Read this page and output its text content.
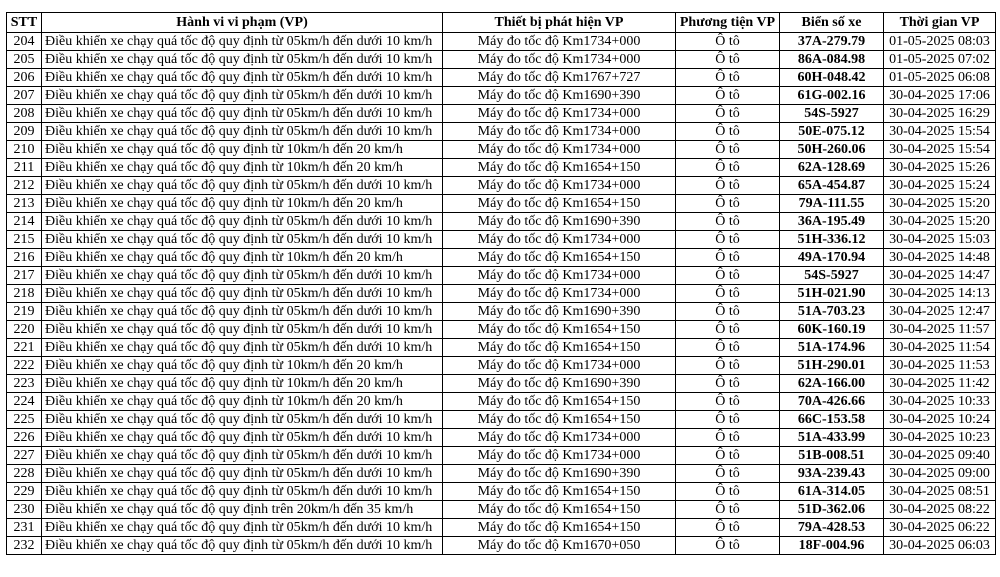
STT	Hành vi vi phạm (VP)	Thiết bị phát hiện VP	Phương tiện VP	Biển số xe	Thời gian VP
204	Điều khiển xe chạy quá tốc độ quy định từ 05km/h đến dưới 10 km/h	Máy đo tốc độ Km1734+000	Ô tô	37A-279.79	01-05-2025 08:03
205	Điều khiển xe chạy quá tốc độ quy định từ 05km/h đến dưới 10 km/h	Máy đo tốc độ Km1734+000	Ô tô	86A-084.98	01-05-2025 07:02
206	Điều khiển xe chạy quá tốc độ quy định từ 05km/h đến dưới 10 km/h	Máy đo tốc độ Km1767+727	Ô tô	60H-048.42	01-05-2025 06:08
207	Điều khiển xe chạy quá tốc độ quy định từ 05km/h đến dưới 10 km/h	Máy đo tốc độ Km1690+390	Ô tô	61G-002.16	30-04-2025 17:06
208	Điều khiển xe chạy quá tốc độ quy định từ 05km/h đến dưới 10 km/h	Máy đo tốc độ Km1734+000	Ô tô	54S-5927	30-04-2025 16:29
209	Điều khiển xe chạy quá tốc độ quy định từ 05km/h đến dưới 10 km/h	Máy đo tốc độ Km1734+000	Ô tô	50E-075.12	30-04-2025 15:54
210	Điều khiển xe chạy quá tốc độ quy định từ 10km/h đến 20 km/h	Máy đo tốc độ Km1734+000	Ô tô	50H-260.06	30-04-2025 15:54
211	Điều khiển xe chạy quá tốc độ quy định từ 10km/h đến 20 km/h	Máy đo tốc độ Km1654+150	Ô tô	62A-128.69	30-04-2025 15:26
212	Điều khiển xe chạy quá tốc độ quy định từ 05km/h đến dưới 10 km/h	Máy đo tốc độ Km1734+000	Ô tô	65A-454.87	30-04-2025 15:24
213	Điều khiển xe chạy quá tốc độ quy định từ 10km/h đến 20 km/h	Máy đo tốc độ Km1654+150	Ô tô	79A-111.55	30-04-2025 15:20
214	Điều khiển xe chạy quá tốc độ quy định từ 05km/h đến dưới 10 km/h	Máy đo tốc độ Km1690+390	Ô tô	36A-195.49	30-04-2025 15:20
215	Điều khiển xe chạy quá tốc độ quy định từ 05km/h đến dưới 10 km/h	Máy đo tốc độ Km1734+000	Ô tô	51H-336.12	30-04-2025 15:03
216	Điều khiển xe chạy quá tốc độ quy định từ 10km/h đến 20 km/h	Máy đo tốc độ Km1654+150	Ô tô	49A-170.94	30-04-2025 14:48
217	Điều khiển xe chạy quá tốc độ quy định từ 05km/h đến dưới 10 km/h	Máy đo tốc độ Km1734+000	Ô tô	54S-5927	30-04-2025 14:47
218	Điều khiển xe chạy quá tốc độ quy định từ 05km/h đến dưới 10 km/h	Máy đo tốc độ Km1734+000	Ô tô	51H-021.90	30-04-2025 14:13
219	Điều khiển xe chạy quá tốc độ quy định từ 05km/h đến dưới 10 km/h	Máy đo tốc độ Km1690+390	Ô tô	51A-703.23	30-04-2025 12:47
220	Điều khiển xe chạy quá tốc độ quy định từ 05km/h đến dưới 10 km/h	Máy đo tốc độ Km1654+150	Ô tô	60K-160.19	30-04-2025 11:57
221	Điều khiển xe chạy quá tốc độ quy định từ 05km/h đến dưới 10 km/h	Máy đo tốc độ Km1654+150	Ô tô	51A-174.96	30-04-2025 11:54
222	Điều khiển xe chạy quá tốc độ quy định từ 10km/h đến 20 km/h	Máy đo tốc độ Km1734+000	Ô tô	51H-290.01	30-04-2025 11:53
223	Điều khiển xe chạy quá tốc độ quy định từ 10km/h đến 20 km/h	Máy đo tốc độ Km1690+390	Ô tô	62A-166.00	30-04-2025 11:42
224	Điều khiển xe chạy quá tốc độ quy định từ 10km/h đến 20 km/h	Máy đo tốc độ Km1654+150	Ô tô	70A-426.66	30-04-2025 10:33
225	Điều khiển xe chạy quá tốc độ quy định từ 05km/h đến dưới 10 km/h	Máy đo tốc độ Km1654+150	Ô tô	66C-153.58	30-04-2025 10:24
226	Điều khiển xe chạy quá tốc độ quy định từ 05km/h đến dưới 10 km/h	Máy đo tốc độ Km1734+000	Ô tô	51A-433.99	30-04-2025 10:23
227	Điều khiển xe chạy quá tốc độ quy định từ 05km/h đến dưới 10 km/h	Máy đo tốc độ Km1734+000	Ô tô	51B-008.51	30-04-2025 09:40
228	Điều khiển xe chạy quá tốc độ quy định từ 05km/h đến dưới 10 km/h	Máy đo tốc độ Km1690+390	Ô tô	93A-239.43	30-04-2025 09:00
229	Điều khiển xe chạy quá tốc độ quy định từ 05km/h đến dưới 10 km/h	Máy đo tốc độ Km1654+150	Ô tô	61A-314.05	30-04-2025 08:51
230	Điều khiển xe chạy quá tốc độ quy định trên 20km/h đến 35 km/h	Máy đo tốc độ Km1654+150	Ô tô	51D-362.06	30-04-2025 08:22
231	Điều khiển xe chạy quá tốc độ quy định từ 05km/h đến dưới 10 km/h	Máy đo tốc độ Km1654+150	Ô tô	79A-428.53	30-04-2025 06:22
232	Điều khiển xe chạy quá tốc độ quy định từ 05km/h đến dưới 10 km/h	Máy đo tốc độ Km1670+050	Ô tô	18F-004.96	30-04-2025 06:03
